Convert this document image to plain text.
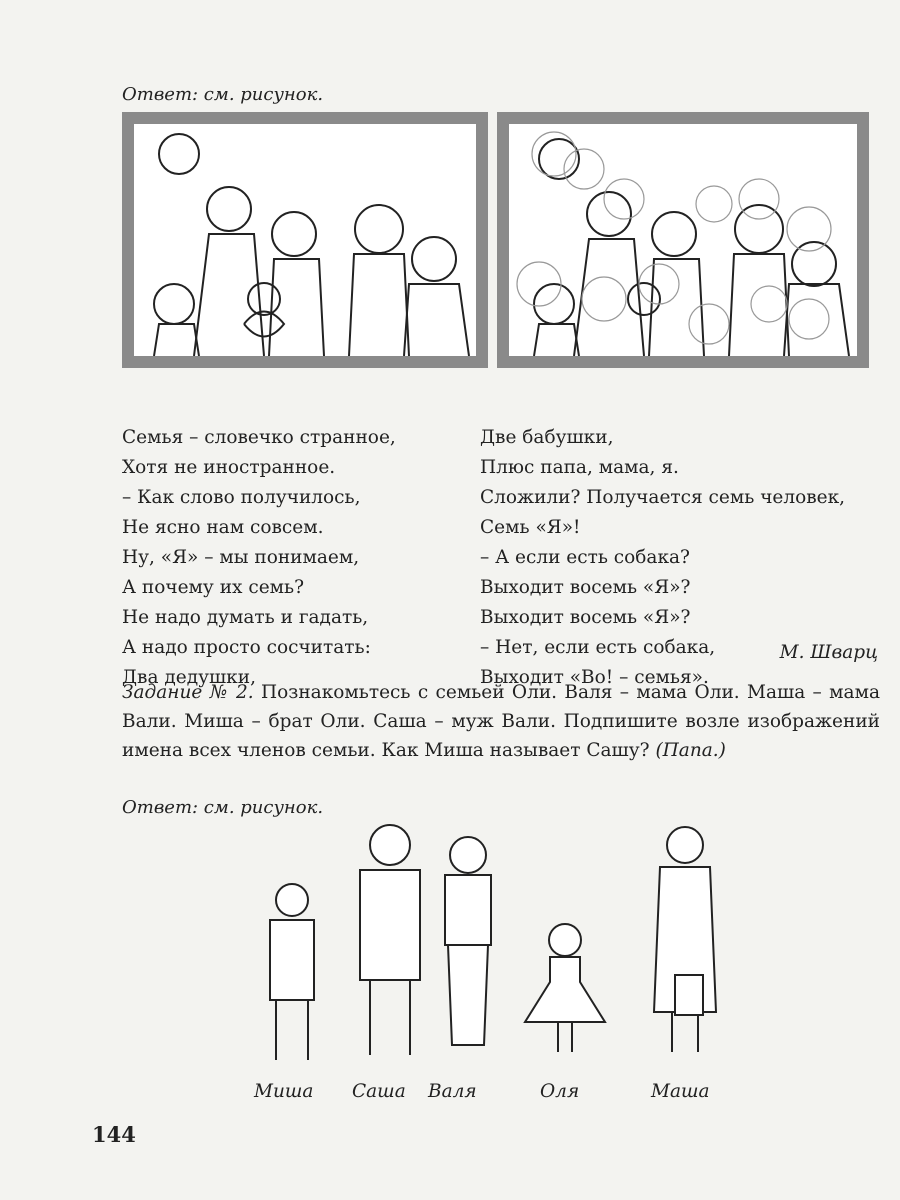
Ответ: см. рисунок.
Семья – словечко странное,
Хотя не иностранное.
– Как слово получилось,
Не ясно нам совсем.
Ну, «Я» – мы понимаем,
А почему их семь?
Не надо думать и гадать,
А надо просто сосчитать:
Два дедушки,
Две бабушки,
Плюс папа, мама, я.
Сложили? Получается семь человек,
Семь «Я»!
– А если есть собака?
Выходит восемь «Я»?
Выходит восемь «Я»?
– Нет, если есть собака,
Выходит «Во! – семья».
М. Шварц
Задание № 2. Познакомьтесь с семьей Оли. Валя – мама Оли. Маша – мама Вали. Миша – брат Оли. Саша – муж Вали. Подпишите возле изображений имена всех членов семьи. Как Миша называет Сашу? (Папа.)
Ответ: см. рисунок.
Миша Саша Валя	Оля	Маша
144
